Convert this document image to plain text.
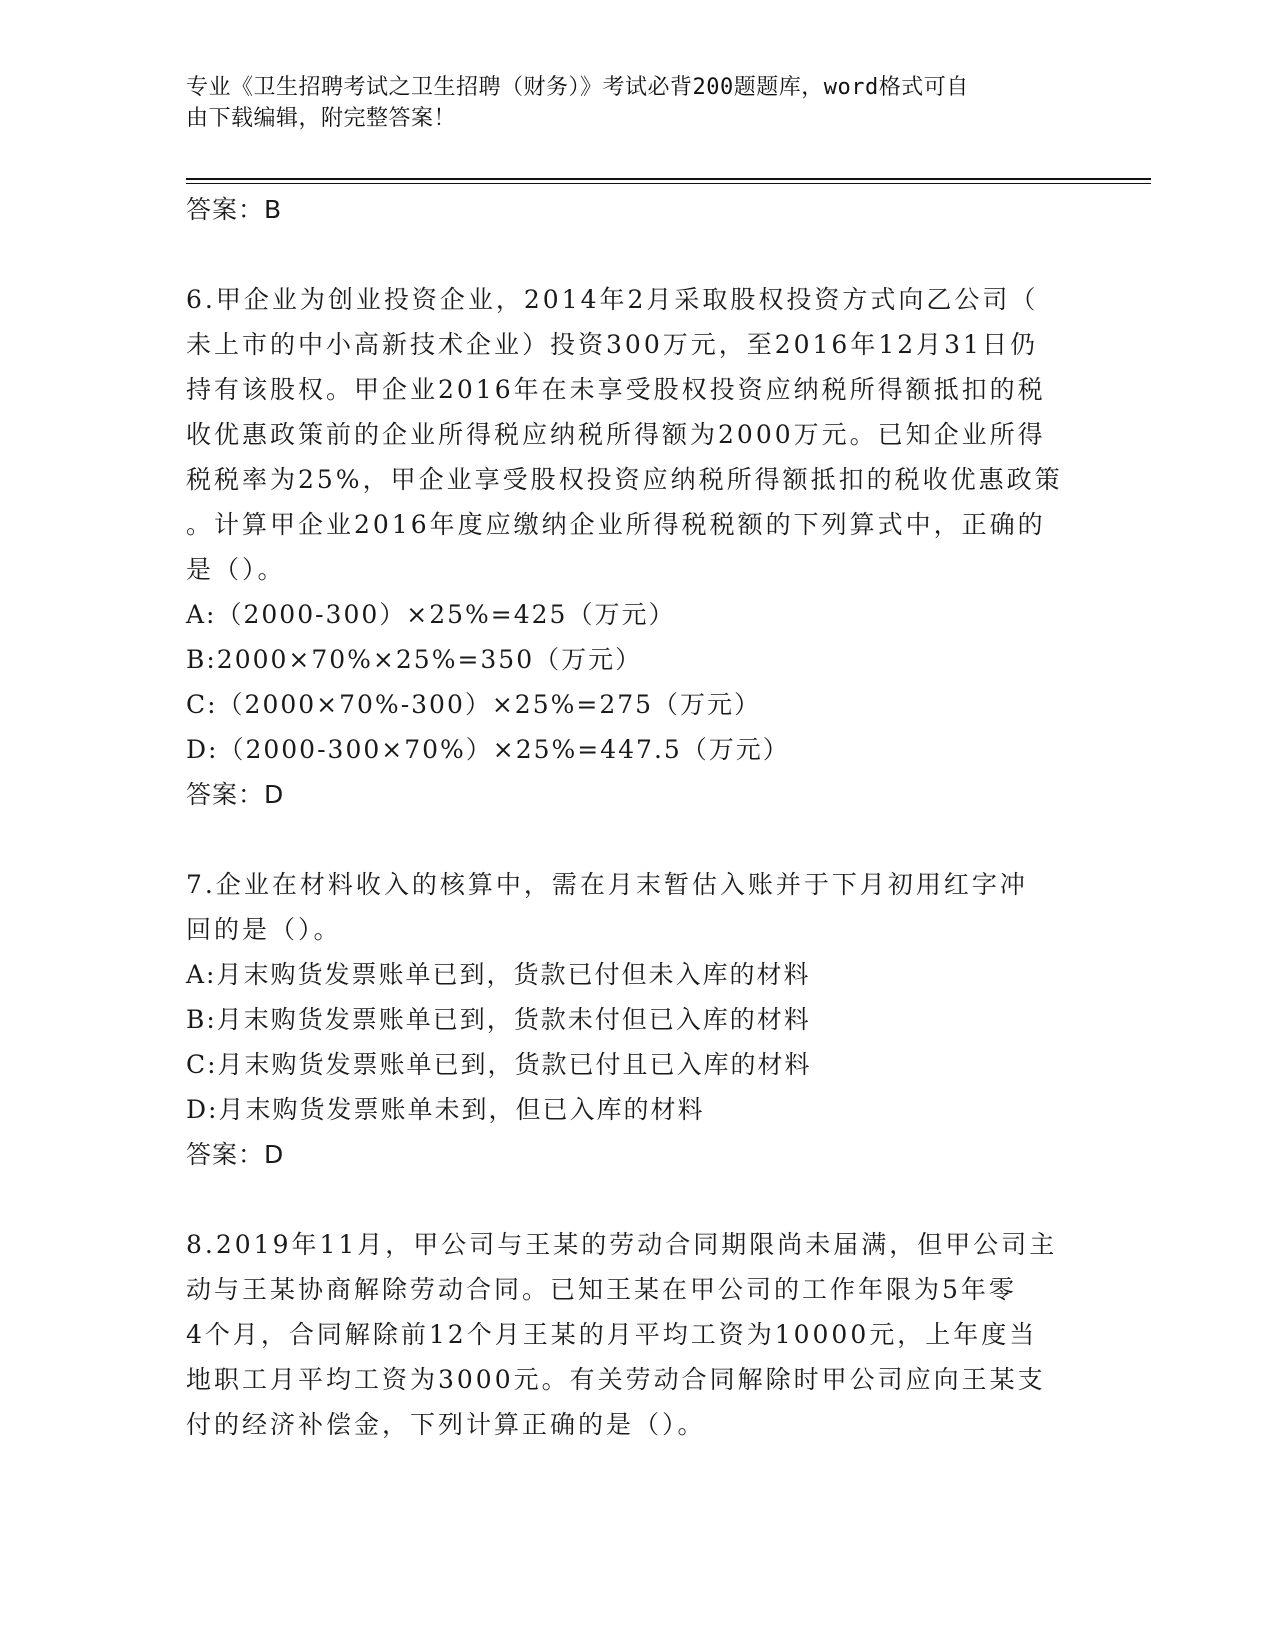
专业《卫生招聘考试之卫生招聘（财务）》考试必背200题题库，word格式可自
由下载编辑，附完整答案！
答案：B
6.甲企业为创业投资企业，2014年2月采取股权投资方式向乙公司（
未上市的中小高新技术企业）投资300万元，至2016年12月31日仍
持有该股权。甲企业2016年在未享受股权投资应纳税所得额抵扣的税
收优惠政策前的企业所得税应纳税所得额为2000万元。已知企业所得
税税率为25%，甲企业享受股权投资应纳税所得额抵扣的税收优惠政策
。计算甲企业2016年度应缴纳企业所得税税额的下列算式中，正确的
是（）。
A:（2000-300）×25%=425（万元）
B:2000×70%×25%=350（万元）
C:（2000×70%-300）×25%=275（万元）
D:（2000-300×70%）×25%=447.5（万元）
答案：D
7.企业在材料收入的核算中，需在月末暂估入账并于下月初用红字冲
回的是（）。
A:月末购货发票账单已到，货款已付但未入库的材料
B:月末购货发票账单已到，货款未付但已入库的材料
C:月末购货发票账单已到，货款已付且已入库的材料
D:月末购货发票账单未到，但已入库的材料
答案：D
8.2019年11月，甲公司与王某的劳动合同期限尚未届满，但甲公司主
动与王某协商解除劳动合同。已知王某在甲公司的工作年限为5年零
4个月，合同解除前12个月王某的月平均工资为10000元，上年度当
地职工月平均工资为3000元。有关劳动合同解除时甲公司应向王某支
付的经济补偿金，下列计算正确的是（）。
